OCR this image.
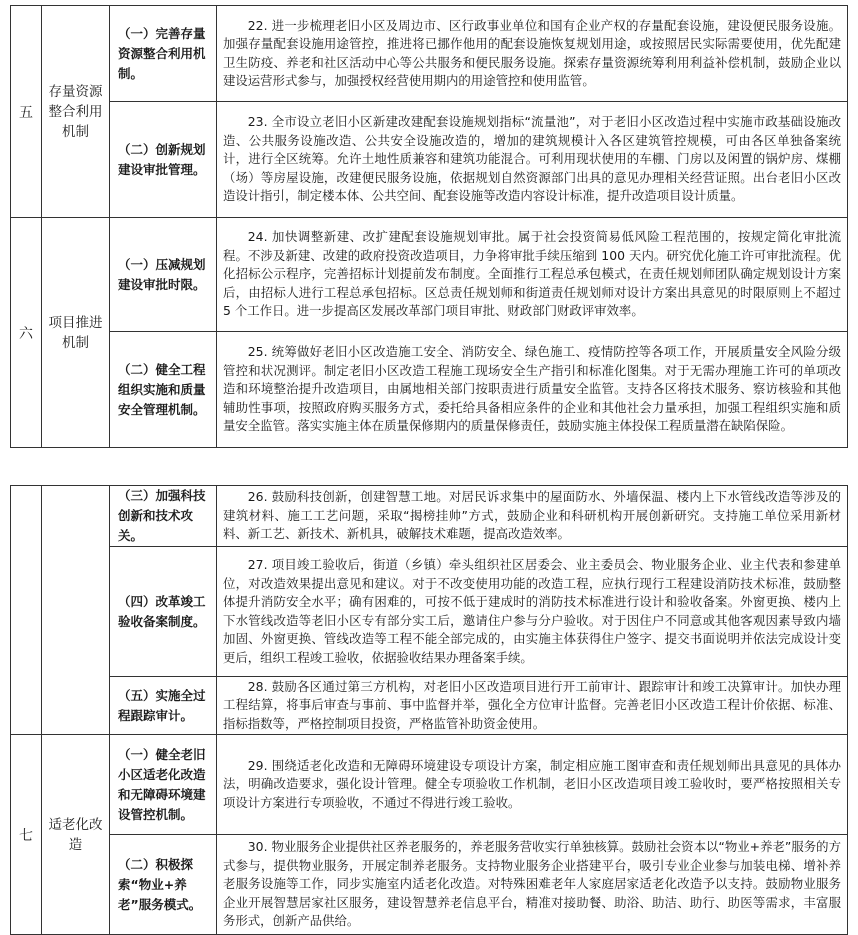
五	存量资源整合利用机制	（一）完善存量资源整合利用机制。	22. 进一步梳理老旧小区及周边市、区行政事业单位和国有企业产权的存量配套设施，建设便民服务设施。加强存量配套设施用途管控，推进将已挪作他用的配套设施恢复规划用途，或按照居民实际需要使用，优先配建卫生防疫、养老和社区活动中心等公共服务和便民服务设施。探索存量资源统筹利用利益补偿机制，鼓励企业以建设运营形式参与，加强授权经营使用期内的用途管控和使用监管。
		（二）创新规划建设审批管理。	23. 全市设立老旧小区新建改建配套设施规划指标“流量池”，对于老旧小区改造过程中实施市政基础设施改造、公共服务设施改造、公共安全设施改造的，增加的建筑规模计入各区建筑管控规模，可由各区单独备案统计，进行全区统筹。允许土地性质兼容和建筑功能混合。可利用现状使用的车棚、门房以及闲置的锅炉房、煤棚（场）等房屋设施，改建便民服务设施，依据规划自然资源部门出具的意见办理相关经营证照。出台老旧小区改造设计指引，制定楼本体、公共空间、配套设施等改造内容设计标准，提升改造项目设计质量。
六	项目推进机制	（一）压减规划建设审批时限。	24. 加快调整新建、改扩建配套设施规划审批。属于社会投资简易低风险工程范围的，按规定简化审批流程。不涉及新建、改建的政府投资改造项目，力争将审批手续压缩到 100 天内。研究优化施工许可审批流程。优化招标公示程序，完善招标计划提前发布制度。全面推行工程总承包模式，在责任规划师团队确定规划设计方案后，由招标人进行工程总承包招标。区总责任规划师和街道责任规划师对设计方案出具意见的时限原则上不超过 5 个工作日。进一步提高区发展改革部门项目审批、财政部门财政评审效率。
		（二）健全工程组织实施和质量安全管理机制。	25. 统筹做好老旧小区改造施工安全、消防安全、绿色施工、疫情防控等各项工作，开展质量安全风险分级管控和状况测评。制定老旧小区改造工程施工现场安全生产指引和标准化图集。对于无需办理施工许可的单项改造和环境整治提升改造项目，由属地相关部门按职责进行质量安全监管。支持各区将技术服务、察访核验和其他辅助性事项，按照政府购买服务方式，委托给具备相应条件的企业和其他社会力量承担，加强工程组织实施和质量安全监管。落实实施主体在质量保修期内的质量保修责任，鼓励实施主体投保工程质量潜在缺陷保险。
		（三）加强科技创新和技术攻关。	26. 鼓励科技创新，创建智慧工地。对居民诉求集中的屋面防水、外墙保温、楼内上下水管线改造等涉及的建筑材料、施工工艺问题，采取“揭榜挂帅”方式，鼓励企业和科研机构开展创新研究。支持施工单位采用新材料、新工艺、新技术、新机具，破解技术难题，提高改造效率。
		（四）改革竣工验收备案制度。	27. 项目竣工验收后，街道（乡镇）牵头组织社区居委会、业主委员会、物业服务企业、业主代表和参建单位，对改造效果提出意见和建议。对于不改变使用功能的改造工程，应执行现行工程建设消防技术标准，鼓励整体提升消防安全水平；确有困难的，可按不低于建成时的消防技术标准进行设计和验收备案。外窗更换、楼内上下水管线改造等老旧小区专有部分实工后，邀请住户参与分户验收。对于因住户不同意或其他客观因素导致内墙加固、外窗更换、管线改造等工程不能全部完成的，由实施主体获得住户签字、提交书面说明并依法完成设计变更后，组织工程竣工验收，依据验收结果办理备案手续。
		（五）实施全过程跟踪审计。	28. 鼓励各区通过第三方机构，对老旧小区改造项目进行开工前审计、跟踪审计和竣工决算审计。加快办理工程结算，将事后审查与事前、事中监督并举，强化全方位审计监督。完善老旧小区改造工程计价依据、标准、指标指数等，严格控制项目投资，严格监管补助资金使用。
七	适老化改造	（一）健全老旧小区适老化改造和无障碍环境建设管控机制。	29. 围绕适老化改造和无障碍环境建设专项设计方案，制定相应施工图审查和责任规划师出具意见的具体办法，明确改造要求，强化设计管理。健全专项验收工作机制，老旧小区改造项目竣工验收时，要严格按照相关专项设计方案进行专项验收，不通过不得进行竣工验收。
		（二）积极探索“物业+养老”服务模式。	30. 物业服务企业提供社区养老服务的，养老服务营收实行单独核算。鼓励社会资本以“物业+养老”服务的方式参与，提供物业服务，开展定制养老服务。支持物业服务企业搭建平台，吸引专业企业参与加装电梯、增补养老服务设施等工作，同步实施室内适老化改造。对特殊困难老年人家庭居家适老化改造予以支持。鼓励物业服务企业开展智慧居家社区服务，建设智慧养老信息平台，精准对接助餐、助浴、助洁、助行、助医等需求，丰富服务形式，创新产品供给。
